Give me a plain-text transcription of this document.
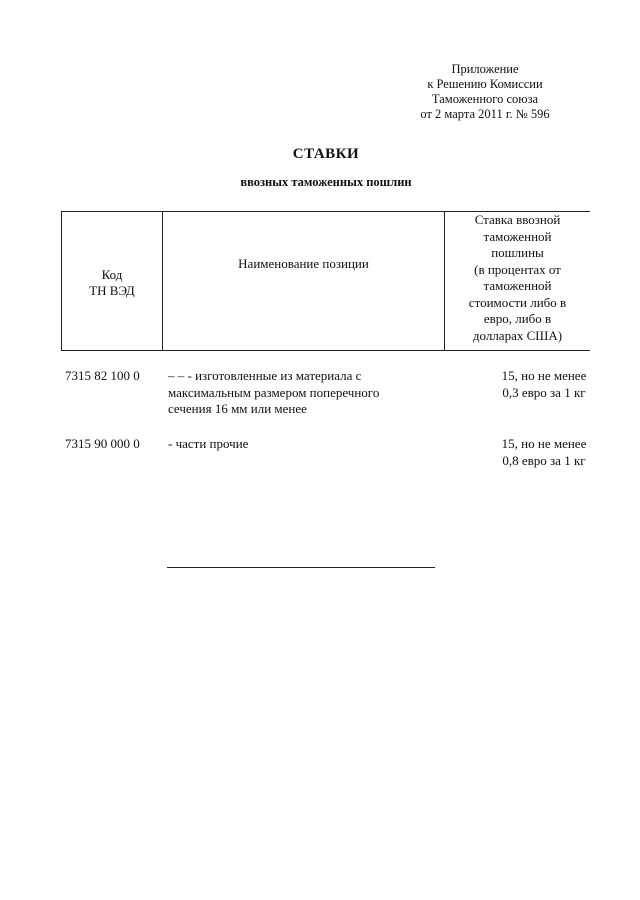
Приложение
к Решению Комиссии
Таможенного союза
от 2 марта 2011 г. № 596
СТАВКИ
ввозных таможенных пошлин
Код
ТН ВЭД
Наименование позиции
Ставка ввозной
таможенной
пошлины
(в процентах от
таможенной
стоимости либо в
евро, либо в
долларах США)
7315 82 100 0 – – - изготовленные из материала с
максимальным размером поперечного
сечения 16 мм или менее
15, но не менее
0,3 евро за 1 кг
7315 90 000 0 - части прочие	15, но не менее
0,8 евро за 1 кг
